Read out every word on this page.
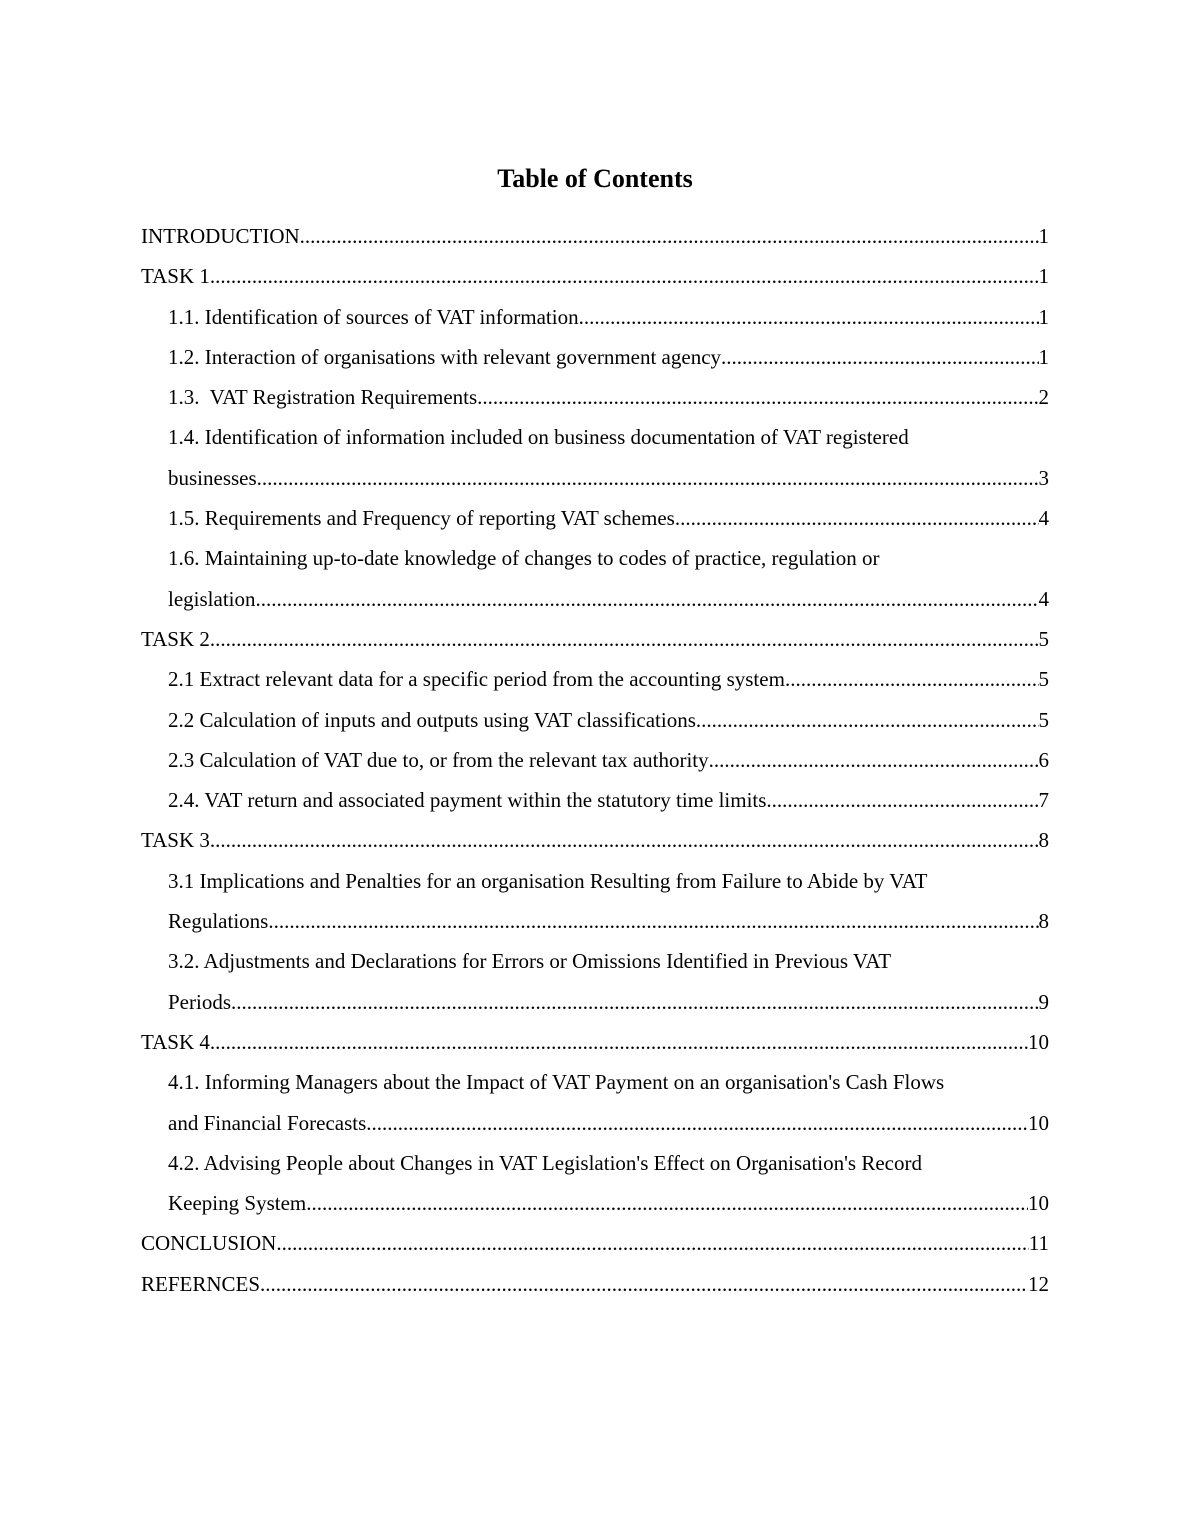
Table of Contents
INTRODUCTION .....	1
TASK 1 .....	1
1.1. Identification of sources of VAT information .....	1
1.2. Interaction of organisations with relevant government agency .....	1
1.3.  VAT Registration Requirements .....	2
1.4. Identification of information included on business documentation of VAT registered
businesses .....	3
1.5. Requirements and Frequency of reporting VAT schemes .....	4
1.6. Maintaining up-to-date knowledge of changes to codes of practice, regulation or
legislation .....	4
TASK 2 .....	5
2.1 Extract relevant data for a specific period from the accounting system .....	5
2.2 Calculation of inputs and outputs using VAT classifications .....	5
2.3 Calculation of VAT due to, or from the relevant tax authority .....	6
2.4. VAT return and associated payment within the statutory time limits .....	7
TASK 3 .....	8
3.1 Implications and Penalties for an organisation Resulting from Failure to Abide by VAT
Regulations .....	8
3.2. Adjustments and Declarations for Errors or Omissions Identified in Previous VAT
Periods .....	9
TASK 4 .....	10
4.1. Informing Managers about the Impact of VAT Payment on an organisation's Cash Flows
and Financial Forecasts .....	10
4.2. Advising People about Changes in VAT Legislation's Effect on Organisation's Record
Keeping System .....	10
CONCLUSION .....	11
REFERNCES .....	12
